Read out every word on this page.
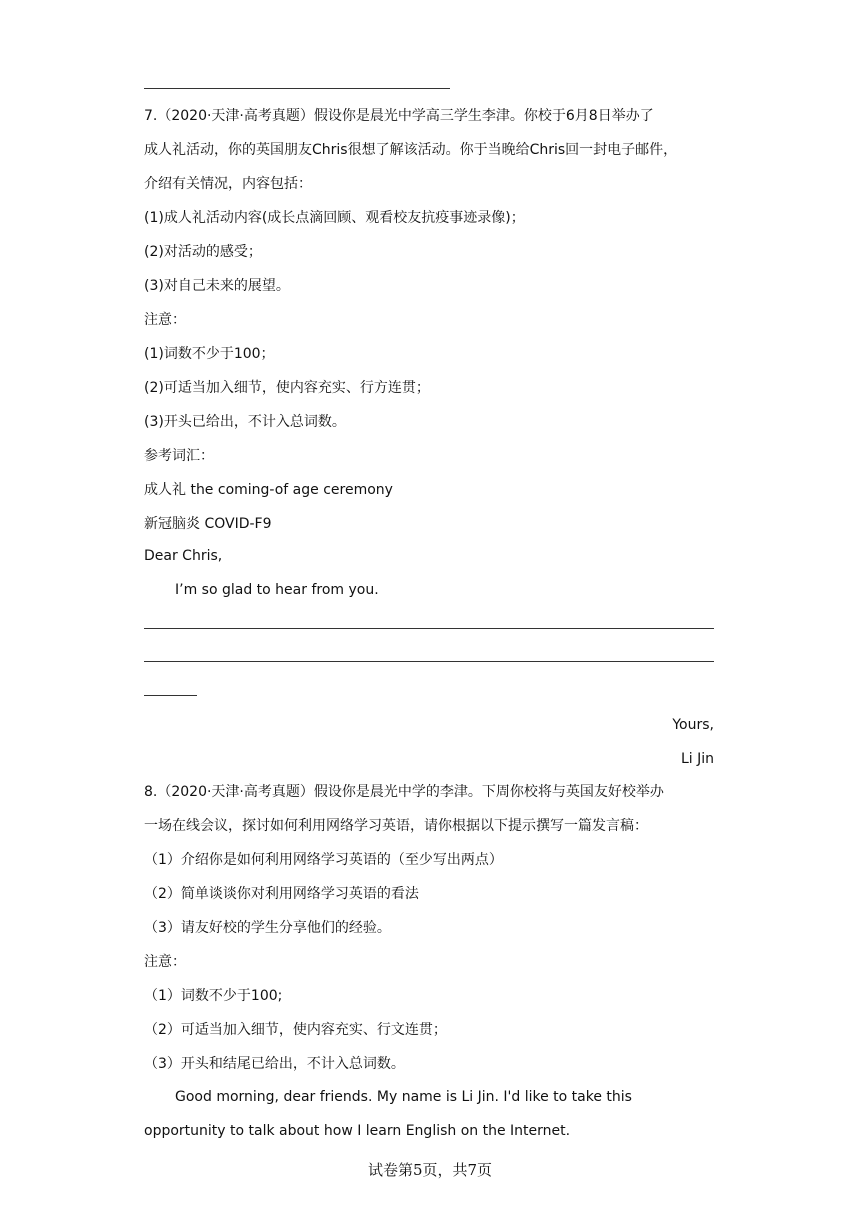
7.（2020·天津·高考真题）假设你是晨光中学高三学生李津。你校于6月8日举办了
成人礼活动，你的英国朋友Chris很想了解该活动。你于当晚给Chris回一封电子邮件，
介绍有关情况，内容包括：
(1)成人礼活动内容(成长点滴回顾、观看校友抗疫事迹录像)；
(2)对活动的感受；
(3)对自己未来的展望。
注意：
(1)词数不少于100；
(2)可适当加入细节，使内容充实、行方连贯；
(3)开头已给出，不计入总词数。
参考词汇：
成人礼 the coming-of age ceremony
新冠脑炎 COVID-F9
Dear Chris,
I’m so glad to hear from you.
Yours,
Li Jin
8.（2020·天津·高考真题）假设你是晨光中学的李津。下周你校将与英国友好校举办
一场在线会议，探讨如何利用网络学习英语，请你根据以下提示撰写一篇发言稿：
（1）介绍你是如何利用网络学习英语的（至少写出两点）
（2）简单谈谈你对利用网络学习英语的看法
（3）请友好校的学生分享他们的经验。
注意：
（1）词数不少于100;
（2）可适当加入细节，使内容充实、行文连贯；
（3）开头和结尾已给出，不计入总词数。
Good morning, dear friends. My name is Li Jin. I'd like to take this
opportunity to talk about how I learn English on the Internet.
试卷第5页，共7页
